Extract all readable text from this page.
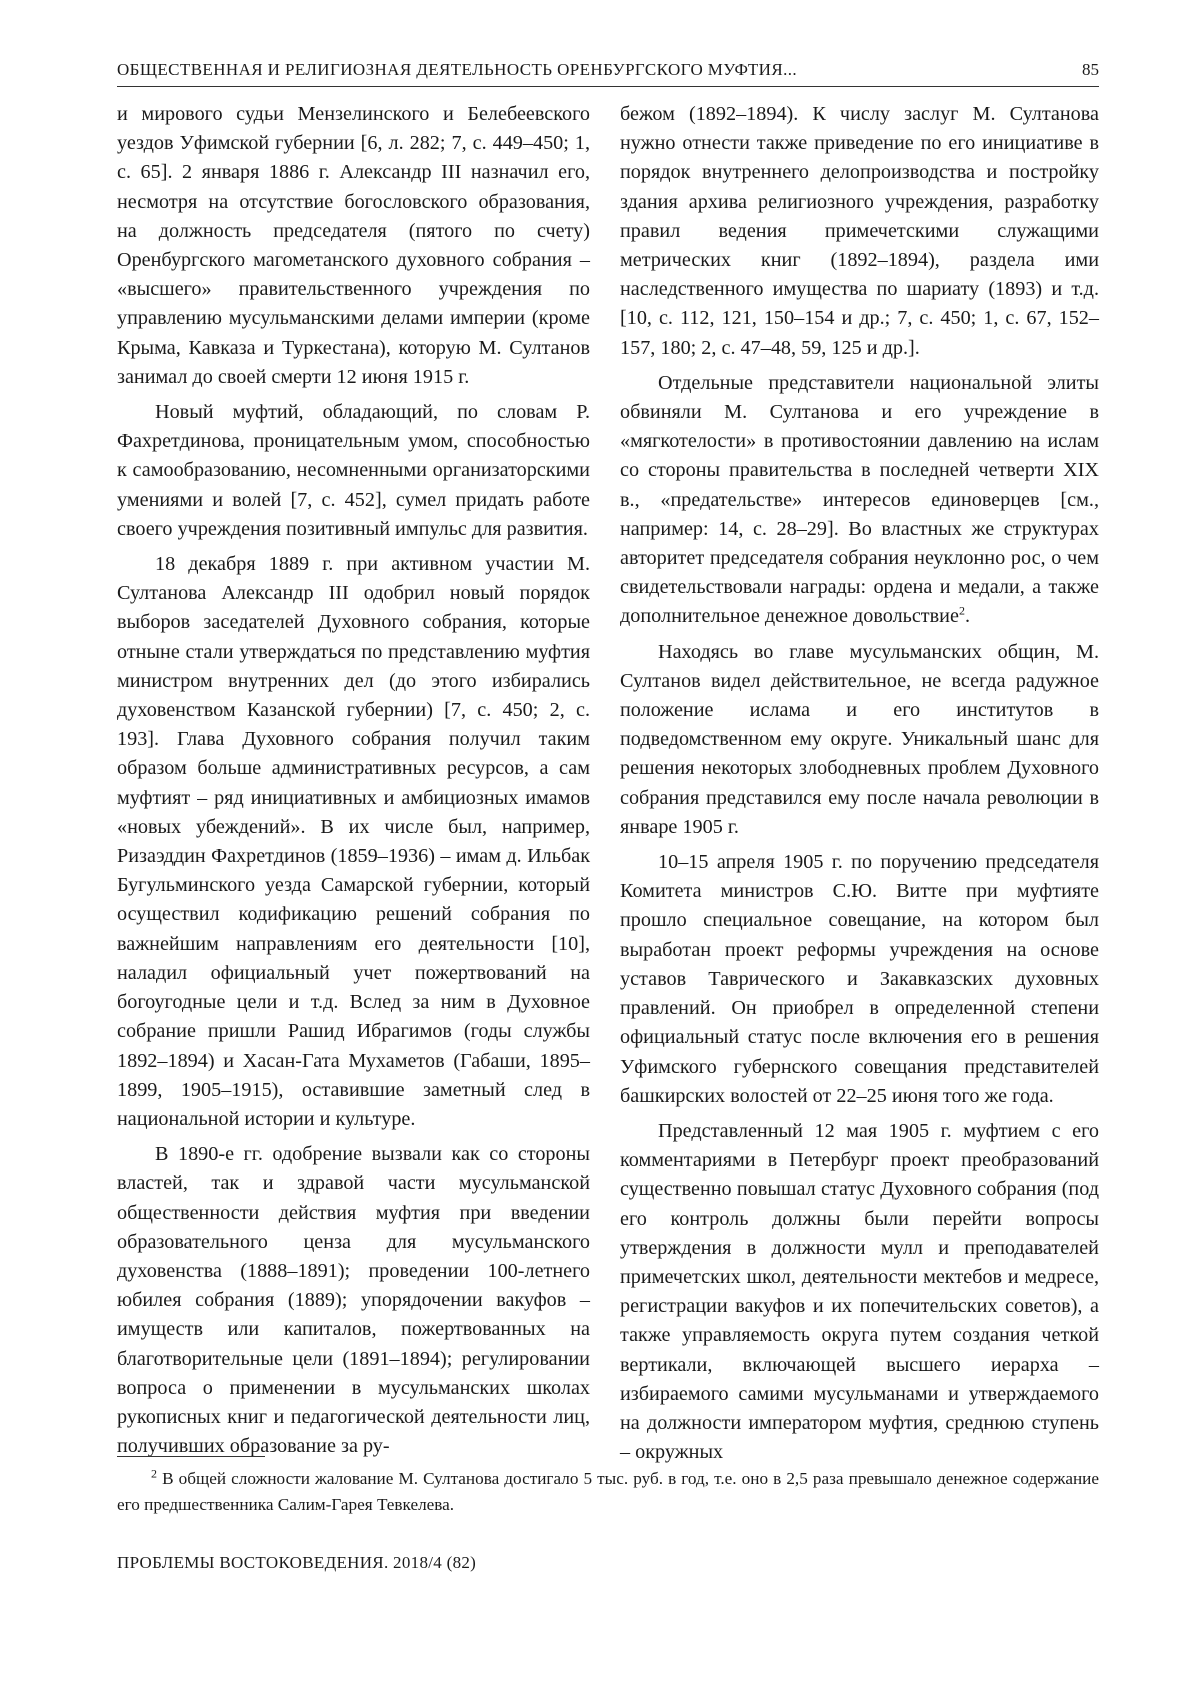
ОБЩЕСТВЕННАЯ И РЕЛИГИОЗНАЯ ДЕЯТЕЛЬНОСТЬ ОРЕНБУРГСКОГО МУФТИЯ...	85

и мирового судьи Мензелинского и Белебеевского уездов Уфимской губернии [6, л. 282; 7, с. 449–450; 1, с. 65]. 2 января 1886 г. Александр III назначил его, несмотря на отсутствие богословского образования, на должность председателя (пятого по счету) Оренбургского магометанского духовного собрания – «высшего» правительственного учреждения по управлению мусульманскими делами империи (кроме Крыма, Кавказа и Туркестана), которую М. Султанов занимал до своей смерти 12 июня 1915 г.

Новый муфтий, обладающий, по словам Р. Фахретдинова, проницательным умом, способностью к самообразованию, несомненными организаторскими умениями и волей [7, с. 452], сумел придать работе своего учреждения позитивный импульс для развития.

18 декабря 1889 г. при активном участии М. Султанова Александр III одобрил новый порядок выборов заседателей Духовного собрания, которые отныне стали утверждаться по представлению муфтия министром внутренних дел (до этого избирались духовенством Казанской губернии) [7, с. 450; 2, с. 193]. Глава Духовного собрания получил таким образом больше административных ресурсов, а сам муфтият – ряд инициативных и амбициозных имамов «новых убеждений». В их числе был, например, Ризаэддин Фахретдинов (1859–1936) – имам д. Ильбак Бугульминского уезда Самарской губернии, который осуществил кодификацию решений собрания по важнейшим направлениям его деятельности [10], наладил официальный учет пожертвований на богоугодные цели и т.д. Вслед за ним в Духовное собрание пришли Рашид Ибрагимов (годы службы 1892–1894) и Хасан-Гата Мухаметов (Габаши, 1895–1899, 1905–1915), оставившие заметный след в национальной истории и культуре.

В 1890-е гг. одобрение вызвали как со стороны властей, так и здравой части мусульманской общественности действия муфтия при введении образовательного ценза для мусульманского духовенства (1888–1891); проведении 100-летнего юбилея собрания (1889); упорядочении вакуфов – имуществ или капиталов, пожертвованных на благотворительные цели (1891–1894); регулировании вопроса о применении в мусульманских школах рукописных книг и педагогической деятельности лиц, получивших образование за ру-

бежом (1892–1894). К числу заслуг М. Султанова нужно отнести также приведение по его инициативе в порядок внутреннего делопроизводства и постройку здания архива религиозного учреждения, разработку правил ведения примечетскими служащими метрических книг (1892–1894), раздела ими наследственного имущества по шариату (1893) и т.д. [10, с. 112, 121, 150–154 и др.; 7, с. 450; 1, с. 67, 152–157, 180; 2, с. 47–48, 59, 125 и др.].

Отдельные представители национальной элиты обвиняли М. Султанова и его учреждение в «мягкотелости» в противостоянии давлению на ислам со стороны правительства в последней четверти XIX в., «предательстве» интересов единоверцев [см., например: 14, с. 28–29]. Во властных же структурах авторитет председателя собрания неуклонно рос, о чем свидетельствовали награды: ордена и медали, а также дополнительное денежное довольствие$^2$.

Находясь во главе мусульманских общин, М. Султанов видел действительное, не всегда радужное положение ислама и его институтов в подведомственном ему округе. Уникальный шанс для решения некоторых злободневных проблем Духовного собрания представился ему после начала революции в январе 1905 г.

10–15 апреля 1905 г. по поручению председателя Комитета министров С.Ю. Витте при муфтияте прошло специальное совещание, на котором был выработан проект реформы учреждения на основе уставов Таврического и Закавказских духовных правлений. Он приобрел в определенной степени официальный статус после включения его в решения Уфимского губернского совещания представителей башкирских волостей от 22–25 июня того же года.

Представленный 12 мая 1905 г. муфтием с его комментариями в Петербург проект преобразований существенно повышал статус Духовного собрания (под его контроль должны были перейти вопросы утверждения в должности мулл и преподавателей примечетских школ, деятельности мектебов и медресе, регистрации вакуфов и их попечительских советов), а также управляемость округа путем создания четкой вертикали, включающей высшего иерарха – избираемого самими мусульманами и утверждаемого на должности императором муфтия, среднюю ступень – окружных

$^2$ В общей сложности жалование М. Султанова достигало 5 тыс. руб. в год, т.е. оно в 2,5 раза превышало денежное содержание его предшественника Салим-Гарея Тевкелева.
ПРОБЛЕМЫ ВОСТОКОВЕДЕНИЯ. 2018/4 (82)
